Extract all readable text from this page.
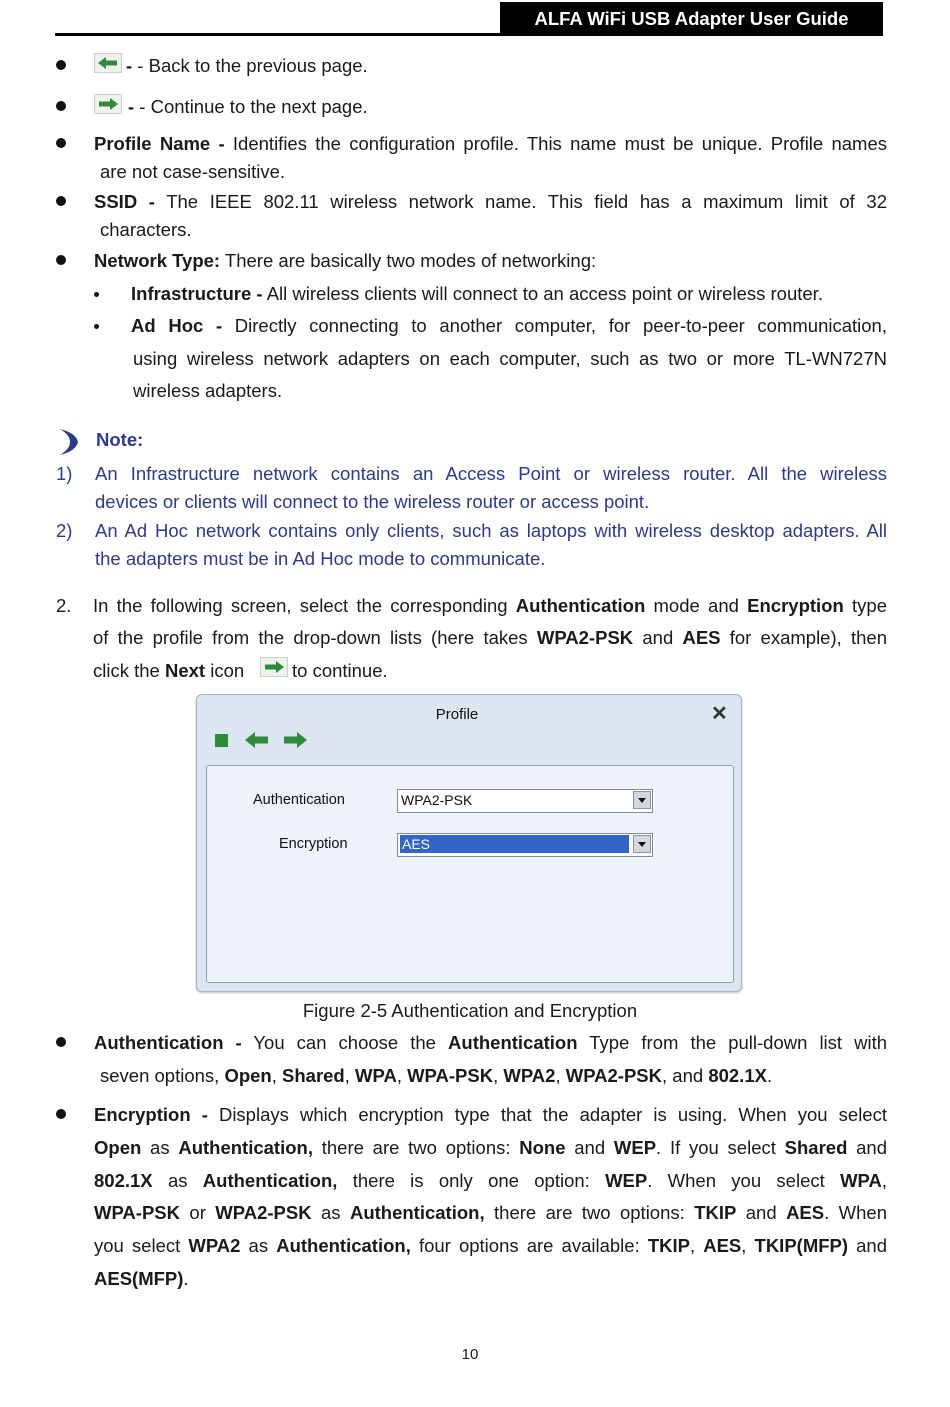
ALFA WiFi USB Adapter User Guide
- - Back to the previous page.
- - Continue to the next page.
Profile Name - Identifies the configuration profile. This name must be unique. Profile names
are not case-sensitive.
SSID - The IEEE 802.11 wireless network name. This field has a maximum limit of 32
characters.
Network Type: There are basically two modes of networking:
Infrastructure - All wireless clients will connect to an access point or wireless router.
Ad Hoc - Directly connecting to another computer, for peer-to-peer communication,
using wireless network adapters on each computer, such as two or more TL-WN727N
wireless adapters.
Note:
1) An Infrastructure network contains an Access Point or wireless router. All the wireless
devices or clients will connect to the wireless router or access point.
2) An Ad Hoc network contains only clients, such as laptops with wireless desktop adapters. All
the adapters must be in Ad Hoc mode to communicate.
2. In the following screen, select the corresponding Authentication mode and Encryption type
of the profile from the drop-down lists (here takes WPA2-PSK and AES for example), then
click the Next icon	to continue.
Profile	✕
Authentication	WPA2-PSK
Encryption	AES
Figure 2-5 Authentication and Encryption
Authentication - You can choose the Authentication Type from the pull-down list with
seven options, Open, Shared, WPA, WPA-PSK, WPA2, WPA2-PSK, and 802.1X.
Encryption - Displays which encryption type that the adapter is using. When you select
Open as Authentication, there are two options: None and WEP. If you select Shared and
802.1X as Authentication, there is only one option: WEP. When you select WPA,
WPA-PSK or WPA2-PSK as Authentication, there are two options: TKIP and AES. When
you select WPA2 as Authentication, four options are available: TKIP, AES, TKIP(MFP) and
AES(MFP).
10
